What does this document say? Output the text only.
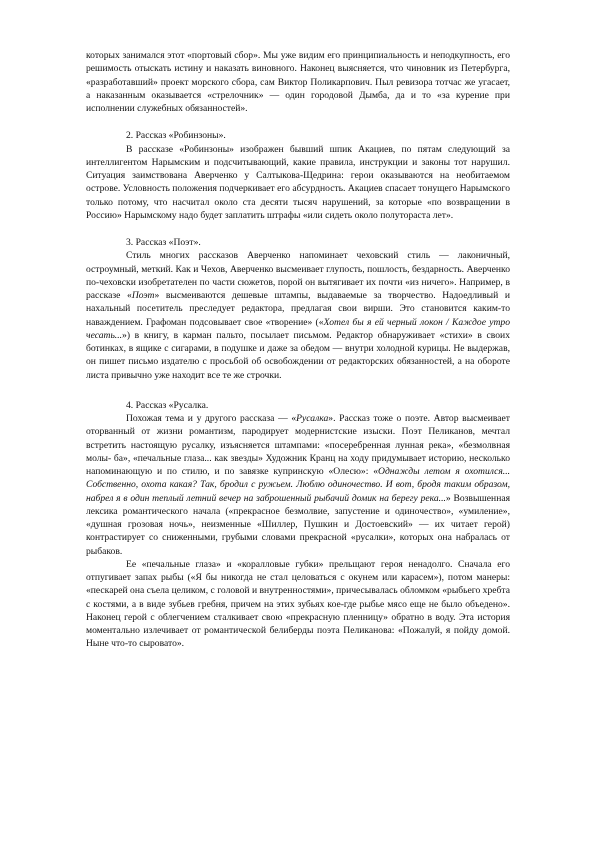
которых занимался этот «портовый сбор». Мы уже видим его принципиальность и неподкупность, его решимость отыскать истину и наказать виновного. Наконец выясняется, что чиновник из Петербурга, «разработавший» проект морского сбора, сам Виктор Поликарпович. Пыл ревизора тотчас же угасает, а наказанным оказывается «стрелочник» — один городовой Дымба, да и то «за курение при исполнении служебных обязанностей».

2. Рассказ «Робинзоны».

В рассказе «Робинзоны» изображен бывший шпик Акациев, по пятам следующий за интеллигентом Нарымским и подсчитывающий, какие правила, инструкции и законы тот нарушил. Ситуация заимствована Аверченко у Салтыкова-Щедрина: герои оказываются на необитаемом острове. Условность положения подчеркивает его абсурдность. Акациев спасает тонущего Нарымского только потому, что насчитал около ста десяти тысяч нарушений, за которые «по возвращении в Россию» Нарымскому надо будет заплатить штрафы «или сидеть около полутораста лет».

3. Рассказ «Поэт».

Стиль многих рассказов Аверченко напоминает чеховский стиль — лаконичный, остроумный, меткий. Как и Чехов, Аверченко высмеивает глупость, пошлость, бездарность. Аверченко по-чеховски изобретателен по части сюжетов, порой он вытягивает их почти «из ничего». Например, в рассказе «Поэт» высмеиваются дешевые штампы, выдаваемые за творчество. Надоедливый и нахальный посетитель преследует редактора, предлагая свои вирши. Это становится каким-то наваждением. Графоман подсовывает свое «творение» («Хотел бы я ей черный локон / Каждое утро чесать...») в книгу, в карман пальто, посылает письмом. Редактор обнаруживает «стихи» в своих ботинках, в ящике с сигарами, в подушке и даже за обедом — внутри холодной курицы. Не выдержав, он пишет письмо издателю с просьбой об освобождении от редакторских обязанностей, а на обороте листа привычно уже находит все те же строчки.

4. Рассказ «Русалка.

Похожая тема и у другого рассказа — «Русалка». Рассказ тоже о поэте. Автор высмеивает оторванный от жизни романтизм, пародирует модернистские изыски. Поэт Пеликанов, мечтал встретить настоящую русалку, изъясняется штампами: «посеребренная лунная река», «безмолвная молы- бa», «печальные глаза... как звезды» Художник Кранц на ходу придумывает историю, несколько напоминающую и по стилю, и по завязке купринскую «Олесю»: «Однажды летом я охотился... Собственно, охота какая? Так, бродил с ружьем. Люблю одиночество. И вот, бродя таким образом, набрел я в один теплый летний вечер на заброшенный рыбачий домик на берегу река...» Возвышенная лексика романтического начала («прекрасное безмолвие, запустение и одиночество», «умиление», «душная грозовая ночь», неизменные «Шиллер, Пушкин и Достоевский» — их читает герой) контрастирует со сниженными, грубыми словами прекрасной «русалки», которых она набралась от рыбаков.

Ее «печальные глаза» и «коралловые губки» прельщают героя ненадолго. Сначала его отпугивает запах рыбы («Я бы никогда не стал целоваться с окунем или карасем»), потом манеры: «пескарей она съела целиком, с головой и внутренностями», причесывалась обломком «рыбьего хребта с костями, а в виде зубьев гребня, причем на этих зубьях кое-где рыбье мясо еще не было объедено». Наконец герой с облегчением сталкивает свою «прекрасную пленницу» обратно в воду. Эта история моментально излечивает от романтической белиберды поэта Пеликанова: «Пожалуй, я пойду домой. Ныне что-то сыровато».
